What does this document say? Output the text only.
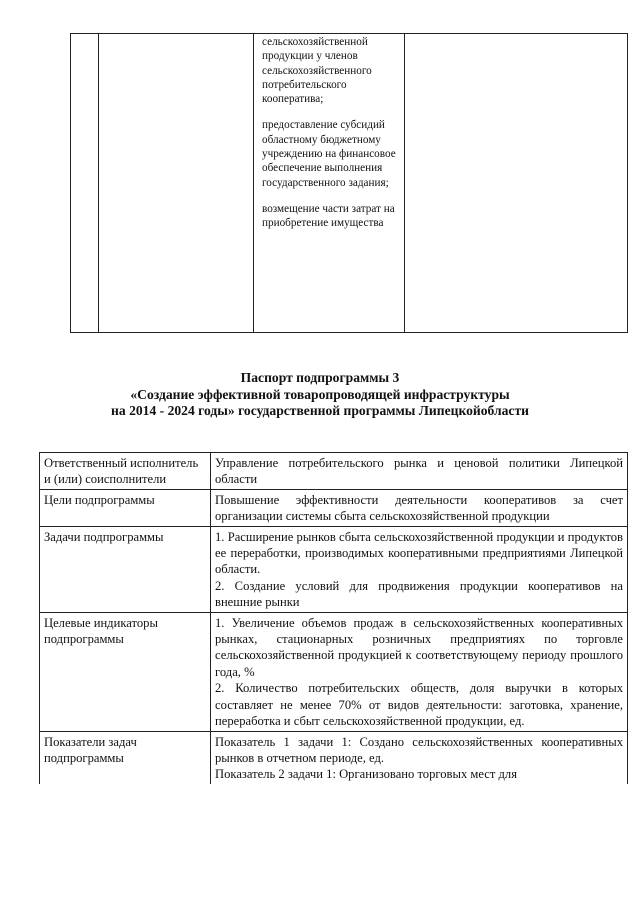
сельскохозяйственной продукции у членов сельскохозяйственного потребительского кооператива;

предоставление субсидий областному бюджетному учреждению на финансовое обеспечение выполнения государственного задания;

возмещение части затрат на приобретение имущества

Паспорт подпрограммы 3
«Создание эффективной товаропроводящей инфраструктуры
на 2014 - 2024 годы» государственной программы Липецкойобласти
Ответственный исполнитель и (или) соисполнители	Управление потребительского рынка и ценовой политики Липецкой области

Цели подпрограммы	Повышение эффективности деятельности кооперативов за счет организации системы сбыта сельскохозяйственной продукции

Задачи подпрограммы	1. Расширение рынков сбыта сельскохозяйственной продукции и продуктов ее переработки, производимых кооперативными предприятиями Липецкой области.

2. Создание условий для продвижения продукции кооперативов на внешние рынки

Целевые индикаторы подпрограммы	1. Увеличение объемов продаж в сельскохозяйственных кооперативных рынках, стационарных розничных предприятиях по торговле сельскохозяйственной продукцией к соответствующему периоду прошлого года, %

2. Количество потребительских обществ, доля выручки в которых составляет не менее 70% от видов деятельности: заготовка, хранение, переработка и сбыт сельскохозяйственной продукции, ед.

Показатели задач подпрограммы	Показатель 1 задачи 1: Создано сельскохозяйственных кооперативных рынков в отчетном периоде, ед.

Показатель 2 задачи 1: Организовано торговых мест для
